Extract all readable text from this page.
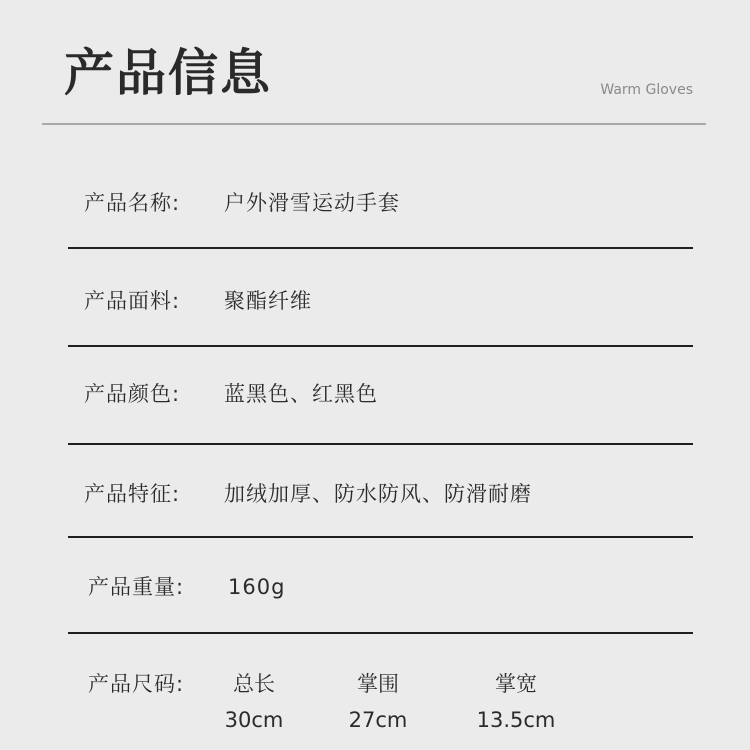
产品信息	Warm Gloves
产品名称: 户外滑雪运动手套
产品面料: 聚酯纤维
产品颜色: 蓝黑色、红黑色
产品特征: 加绒加厚、防水防风、防滑耐磨
产品重量: 160g
产品尺码:	总长
30cm
掌围
27cm
掌宽
13.5cm
